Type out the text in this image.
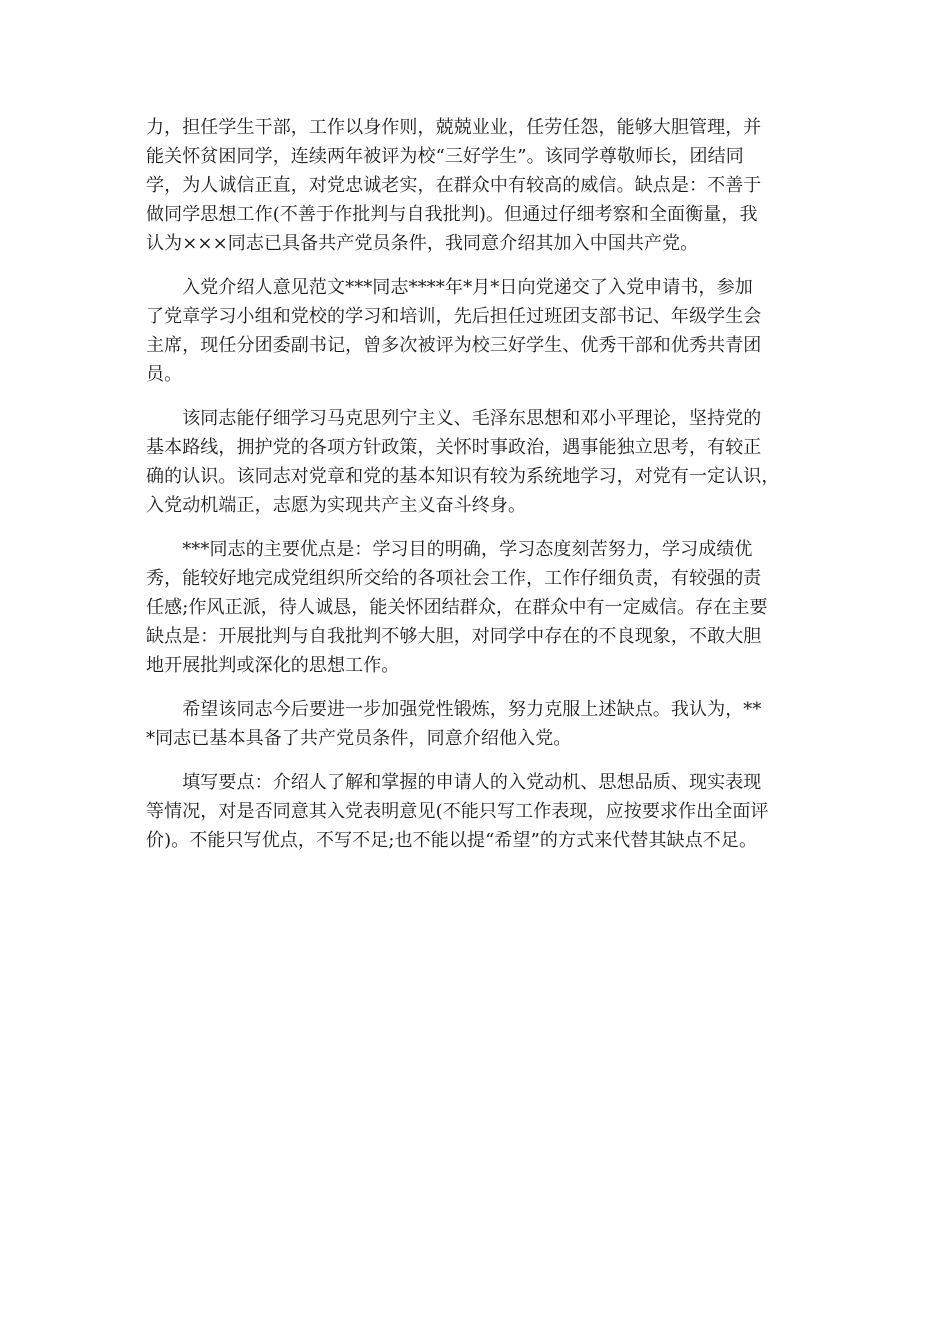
力，担任学生干部，工作以身作则，兢兢业业，任劳任怨，能够大胆管理，并
能关怀贫困同学，连续两年被评为校“三好学生”。该同学尊敬师长，团结同
学，为人诚信正直，对党忠诚老实，在群众中有较高的威信。缺点是：不善于
做同学思想工作(不善于作批判与自我批判)。但通过仔细考察和全面衡量，我
认为×××同志已具备共产党员条件，我同意介绍其加入中国共产党。

　　入党介绍人意见范文***同志****年*月*日向党递交了入党申请书，参加
了党章学习小组和党校的学习和培训，先后担任过班团支部书记、年级学生会
主席，现任分团委副书记，曾多次被评为校三好学生、优秀干部和优秀共青团
员。

　　该同志能仔细学习马克思列宁主义、毛泽东思想和邓小平理论，坚持党的
基本路线，拥护党的各项方针政策，关怀时事政治，遇事能独立思考，有较正
确的认识。该同志对党章和党的基本知识有较为系统地学习，对党有一定认识，
入党动机端正，志愿为实现共产主义奋斗终身。

　　***同志的主要优点是：学习目的明确，学习态度刻苦努力，学习成绩优
秀，能较好地完成党组织所交给的各项社会工作，工作仔细负责，有较强的责
任感;作风正派，待人诚恳，能关怀团结群众，在群众中有一定威信。存在主要
缺点是：开展批判与自我批判不够大胆，对同学中存在的不良现象，不敢大胆
地开展批判或深化的思想工作。

　　希望该同志今后要进一步加强党性锻炼，努力克服上述缺点。我认为，**
*同志已基本具备了共产党员条件，同意介绍他入党。

　　填写要点：介绍人了解和掌握的申请人的入党动机、思想品质、现实表现
等情况，对是否同意其入党表明意见(不能只写工作表现，应按要求作出全面评
价)。不能只写优点，不写不足;也不能以提“希望”的方式来代替其缺点不足。
